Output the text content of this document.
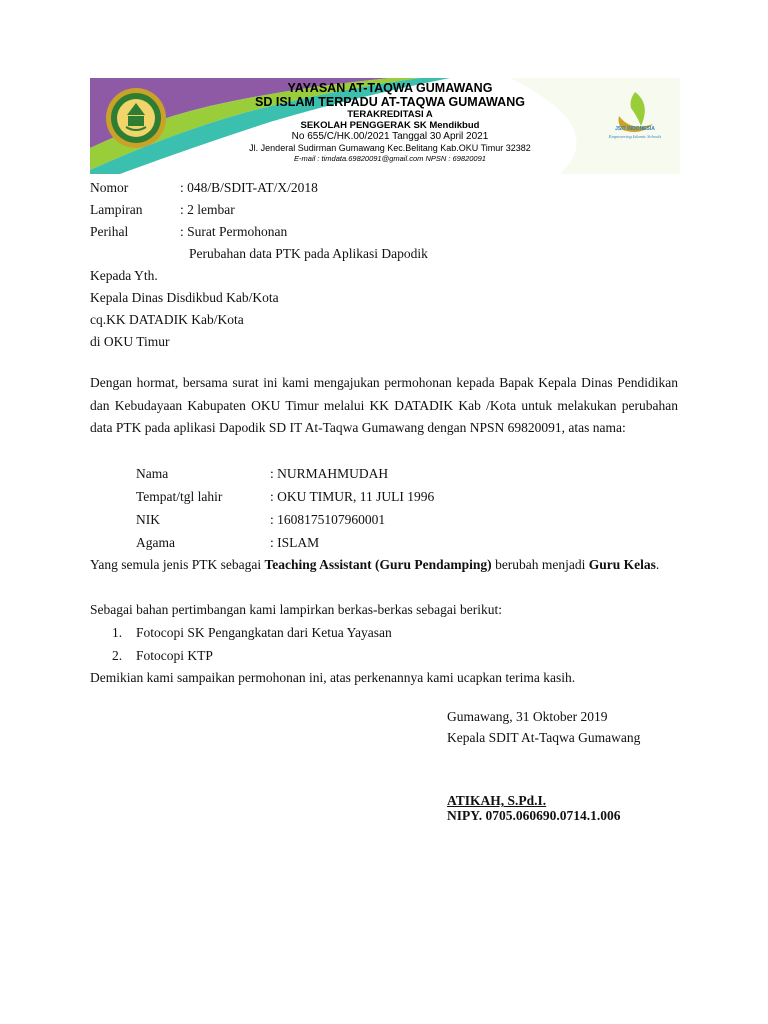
YAYASAN AT-TAQWA GUMAWANG
SD ISLAM TERPADU AT-TAQWA GUMAWANG
TERAKREDITASI A
SEKOLAH PENGGERAK SK Mendikbud
No 655/C/HK.00/2021 Tanggal 30 April 2021
Jl. Jenderal Sudirman Gumawang Kec.Belitang Kab.OKU Timur 32382
E-mail : timdata.69820091@gmail.com NPSN : 69820091
JSIT INDONESIA
Empowering Islamic Schools
Nomor	: 048/B/SDIT-AT/X/2018
Lampiran	: 2 lembar
Perihal	: Surat Permohonan
Perubahan data PTK pada Aplikasi Dapodik
Kepada Yth.
Kepala Dinas Disdikbud Kab/Kota
cq.KK DATADIK Kab/Kota
di OKU Timur
Dengan hormat, bersama surat ini kami mengajukan permohonan kepada Bapak Kepala Dinas Pendidikan dan Kebudayaan Kabupaten OKU Timur melalui KK DATADIK Kab /Kota untuk melakukan perubahan data PTK pada aplikasi Dapodik SD IT At-Taqwa Gumawang dengan NPSN 69820091, atas nama:
Nama	: NURMAHMUDAH
Tempat/tgl lahir	: OKU TIMUR, 11 JULI 1996
NIK	: 1608175107960001
Agama	: ISLAM
Yang semula jenis PTK sebagai Teaching Assistant (Guru Pendamping) berubah menjadi Guru Kelas.
Sebagai bahan pertimbangan kami lampirkan berkas-berkas sebagai berikut:
1. Fotocopi SK Pengangkatan dari Ketua Yayasan
2. Fotocopi KTP
Demikian kami sampaikan permohonan ini, atas perkenannya kami ucapkan terima kasih.
Gumawang, 31 Oktober 2019
Kepala SDIT At-Taqwa Gumawang
ATIKAH, S.Pd.I.
NIPY. 0705.060690.0714.1.006
